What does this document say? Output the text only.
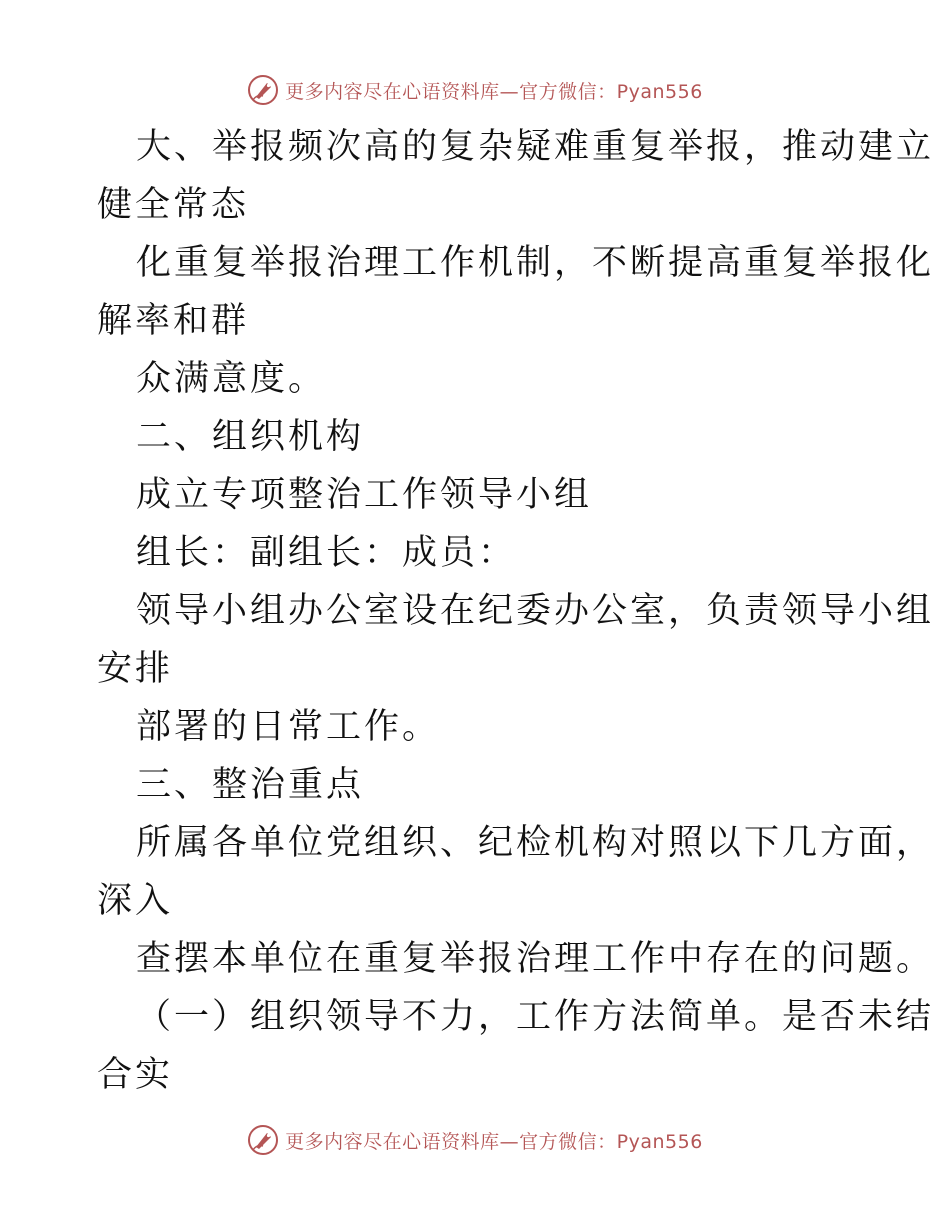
更多内容尽在心语资料库—官方微信：Pyan556
大、举报频次高的复杂疑难重复举报，推动建立
健全常态
化重复举报治理工作机制，不断提高重复举报化
解率和群
众满意度。
二、组织机构
成立专项整治工作领导小组
组长：副组长：成员：
领导小组办公室设在纪委办公室，负责领导小组
安排
部署的日常工作。
三、整治重点
所属各单位党组织、纪检机构对照以下几方面，
深入
查摆本单位在重复举报治理工作中存在的问题。
（一）组织领导不力，工作方法简单。是否未结
合实
更多内容尽在心语资料库—官方微信：Pyan556
